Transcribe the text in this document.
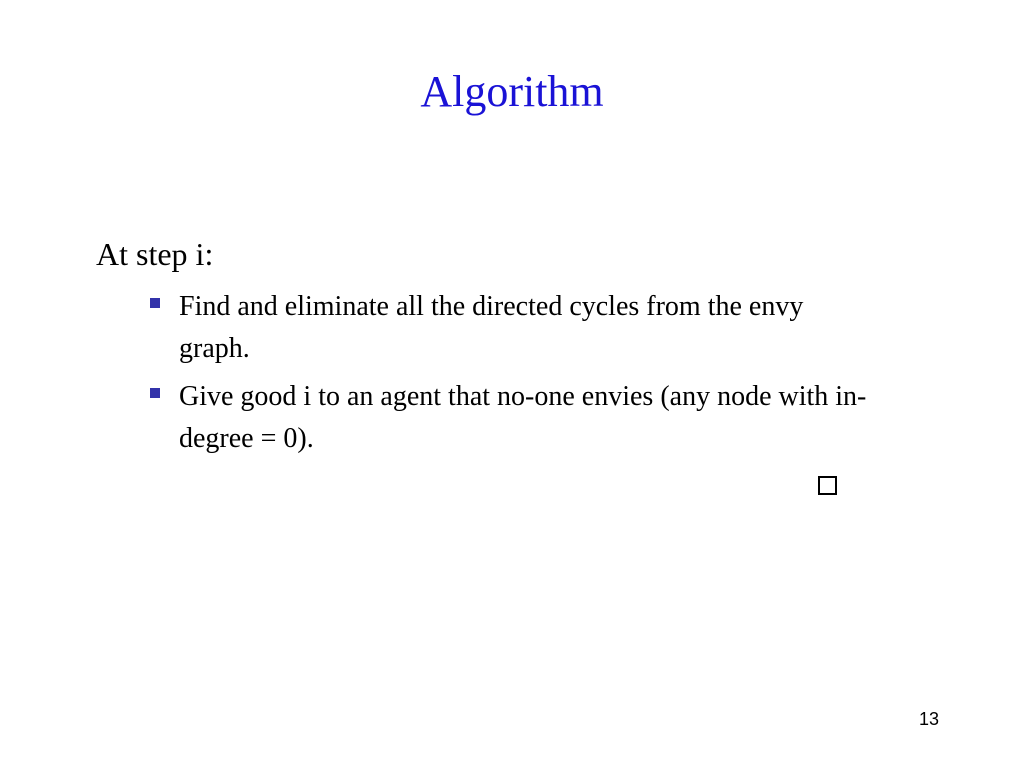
Algorithm
At step i:
Find and eliminate all the directed cycles from the envy graph.
Give good i to an agent that no-one envies (any node with in-degree = 0).
13
